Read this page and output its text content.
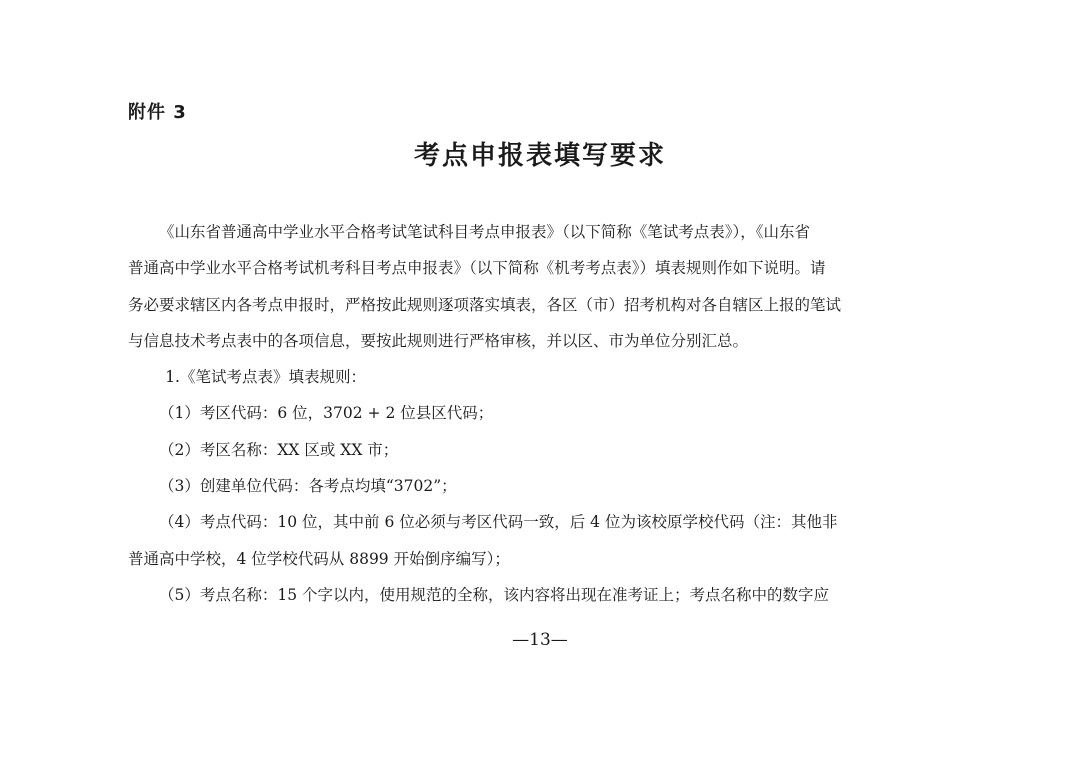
附件 3
考点申报表填写要求
《山东省普通高中学业水平合格考试笔试科目考点申报表》（以下简称《笔试考点表》），《山东省
普通高中学业水平合格考试机考科目考点申报表》（以下简称《机考考点表》）填表规则作如下说明。请
务必要求辖区内各考点申报时，严格按此规则逐项落实填表，各区（市）招考机构对各自辖区上报的笔试
与信息技术考点表中的各项信息，要按此规则进行严格审核，并以区、市为单位分别汇总。
1.《笔试考点表》填表规则：
（1）考区代码：6 位，3702 + 2 位县区代码；
（2）考区名称：XX 区或 XX 市；
（3）创建单位代码：各考点均填“3702”；
（4）考点代码：10 位，其中前 6 位必须与考区代码一致，后 4 位为该校原学校代码（注：其他非
普通高中学校，4 位学校代码从 8899 开始倒序编写）；
（5）考点名称：15 个字以内，使用规范的全称，该内容将出现在准考证上；考点名称中的数字应
—13—
